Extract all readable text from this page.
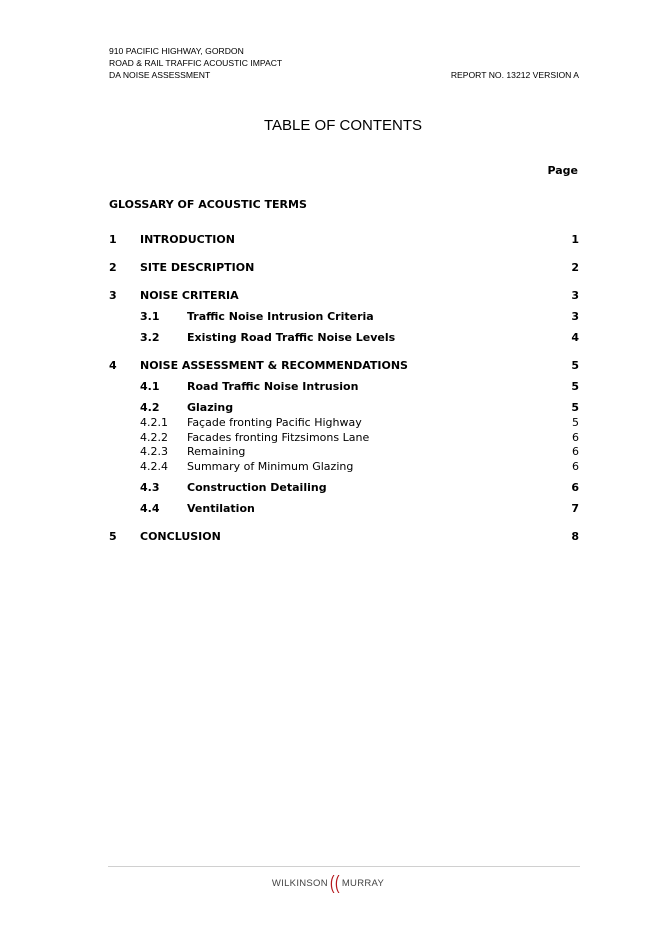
910 PACIFIC HIGHWAY, GORDON
ROAD & RAIL TRAFFIC ACOUSTIC IMPACT
DA NOISE ASSESSMENT	REPORT NO. 13212 VERSION A
TABLE OF CONTENTS
Page
GLOSSARY OF ACOUSTIC TERMS
1 INTRODUCTION	1
2 SITE DESCRIPTION	2
3 NOISE CRITERIA	3
3.1	Traffic Noise Intrusion Criteria	3
3.2	Existing Road Traffic Noise Levels	4
4 NOISE ASSESSMENT & RECOMMENDATIONS	5
4.1	Road Traffic Noise Intrusion	5
4.2	Glazing	5
4.2.1 Façade fronting Pacific Highway	5
4.2.2 Facades fronting Fitzsimons Lane	6
4.2.3 Remaining	6
4.2.4 Summary of Minimum Glazing	6
4.3	Construction Detailing	6
4.4	Ventilation	7
5 CONCLUSION	8
WILKINSON (( MURRAY
